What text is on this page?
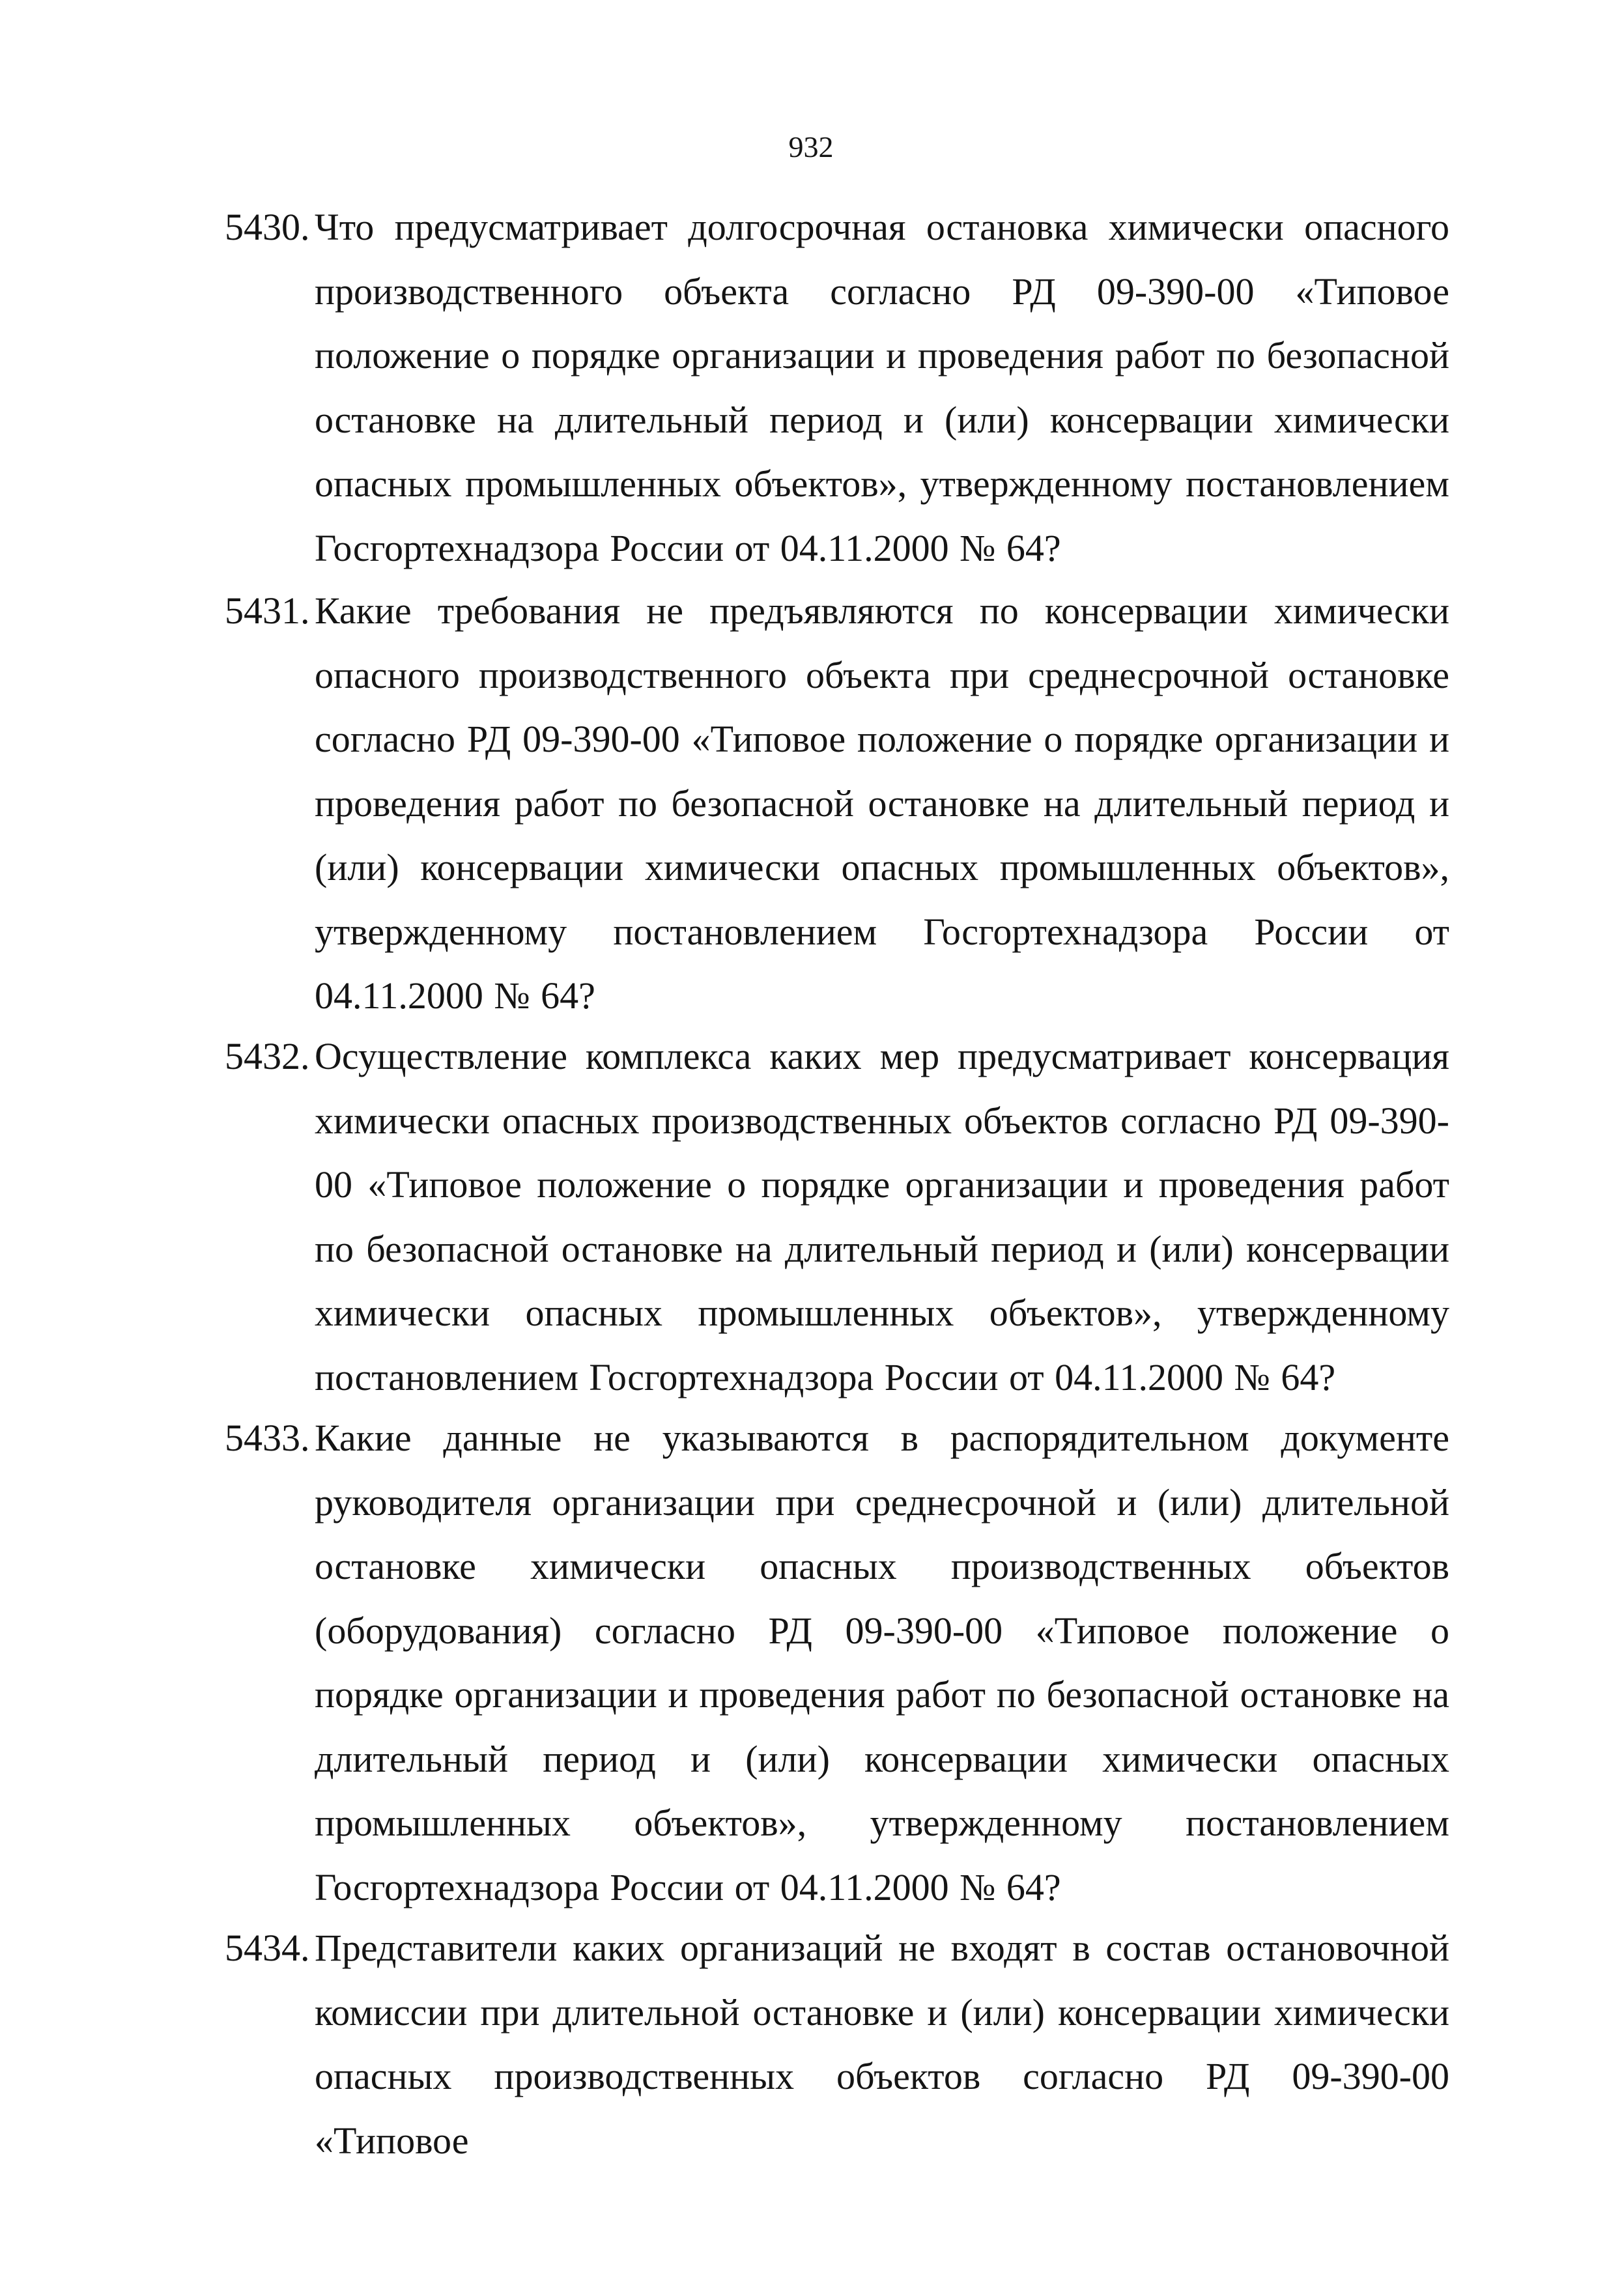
932
5430. Что предусматривает долгосрочная остановка химически опасного производственного объекта согласно РД 09-390-00 «Типовое положение о порядке организации и проведения работ по безопасной остановке на длительный период и (или) консервации химически опасных промышленных объектов», утвержденному постановлением Госгортехнадзора России от 04.11.2000 № 64?
5431. Какие требования не предъявляются по консервации химически опасного производственного объекта при среднесрочной остановке согласно РД 09-390-00 «Типовое положение о порядке организации и проведения работ по безопасной остановке на длительный период и (или) консервации химически опасных промышленных объектов», утвержденному постановлением Госгортехнадзора России от 04.11.2000 № 64?
5432. Осуществление комплекса каких мер предусматривает консервация химически опасных производственных объектов согласно РД 09-390-00 «Типовое положение о порядке организации и проведения работ по безопасной остановке на длительный период и (или) консервации химически опасных промышленных объектов», утвержденному постановлением Госгортехнадзора России от 04.11.2000 № 64?
5433. Какие данные не указываются в распорядительном документе руководителя организации при среднесрочной и (или) длительной остановке химически опасных производственных объектов (оборудования) согласно РД 09-390-00 «Типовое положение о порядке организации и проведения работ по безопасной остановке на длительный период и (или) консервации химически опасных промышленных объектов», утвержденному постановлением Госгортехнадзора России от 04.11.2000 № 64?
5434. Представители каких организаций не входят в состав остановочной комиссии при длительной остановке и (или) консервации химически опасных производственных объектов согласно РД 09-390-00 «Типовое
